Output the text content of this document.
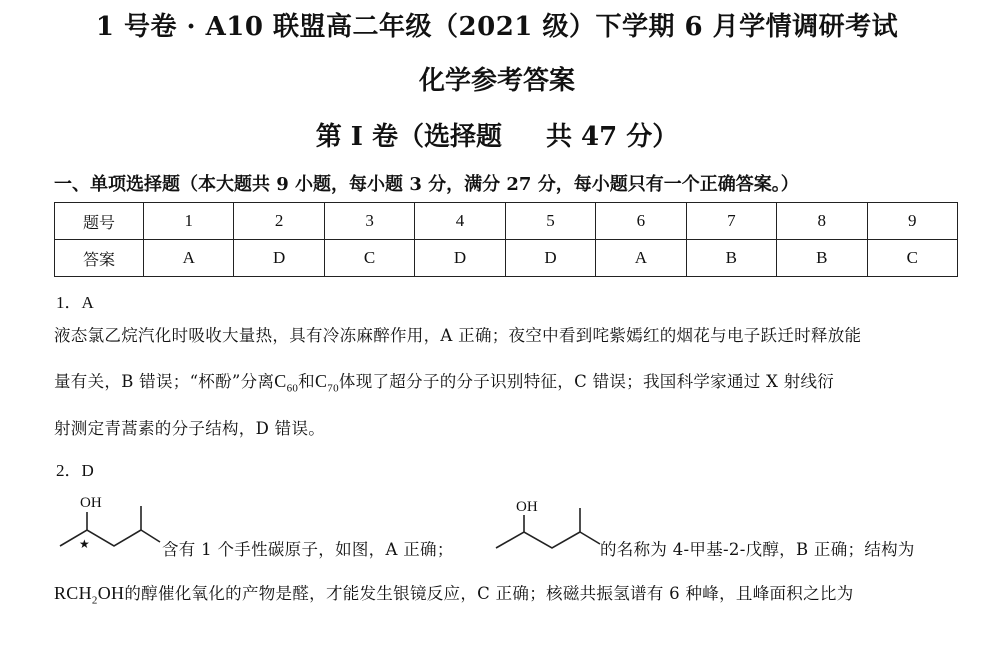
1 号卷 · A10 联盟高二年级（2021 级）下学期 6 月学情调研考试
化学参考答案
第 Ⅰ 卷（选择题 共 47 分）
一、单项选择题（本大题共 9 小题，每小题 3 分，满分 27 分，每小题只有一个正确答案。）
题号	1	2	3	4	5	6	7	8	9
答案	A	D	C	D	D	A	B	B	C
1．A
液态氯乙烷汽化时吸收大量热，具有冷冻麻醉作用，A 正确；夜空中看到咤紫嫣红的烟花与电子跃迁时释放能
量有关，B 错误；“杯酚”分离$C_{60}$和$C_{70}$体现了超分子的分子识别特征，C 错误；我国科学家通过 X 射线衍
射测定青蒿素的分子结构，D 错误。
2．D
OH
★	含有 1 个手性碳原子，如图，A 正确；
OH
的名称为 4-甲基-2-戊醇，B 正确；结构为
$RCH_2OH$的醇催化氧化的产物是醛，才能发生银镜反应，C 正确；核磁共振氢谱有 6 种峰，且峰面积之比为
